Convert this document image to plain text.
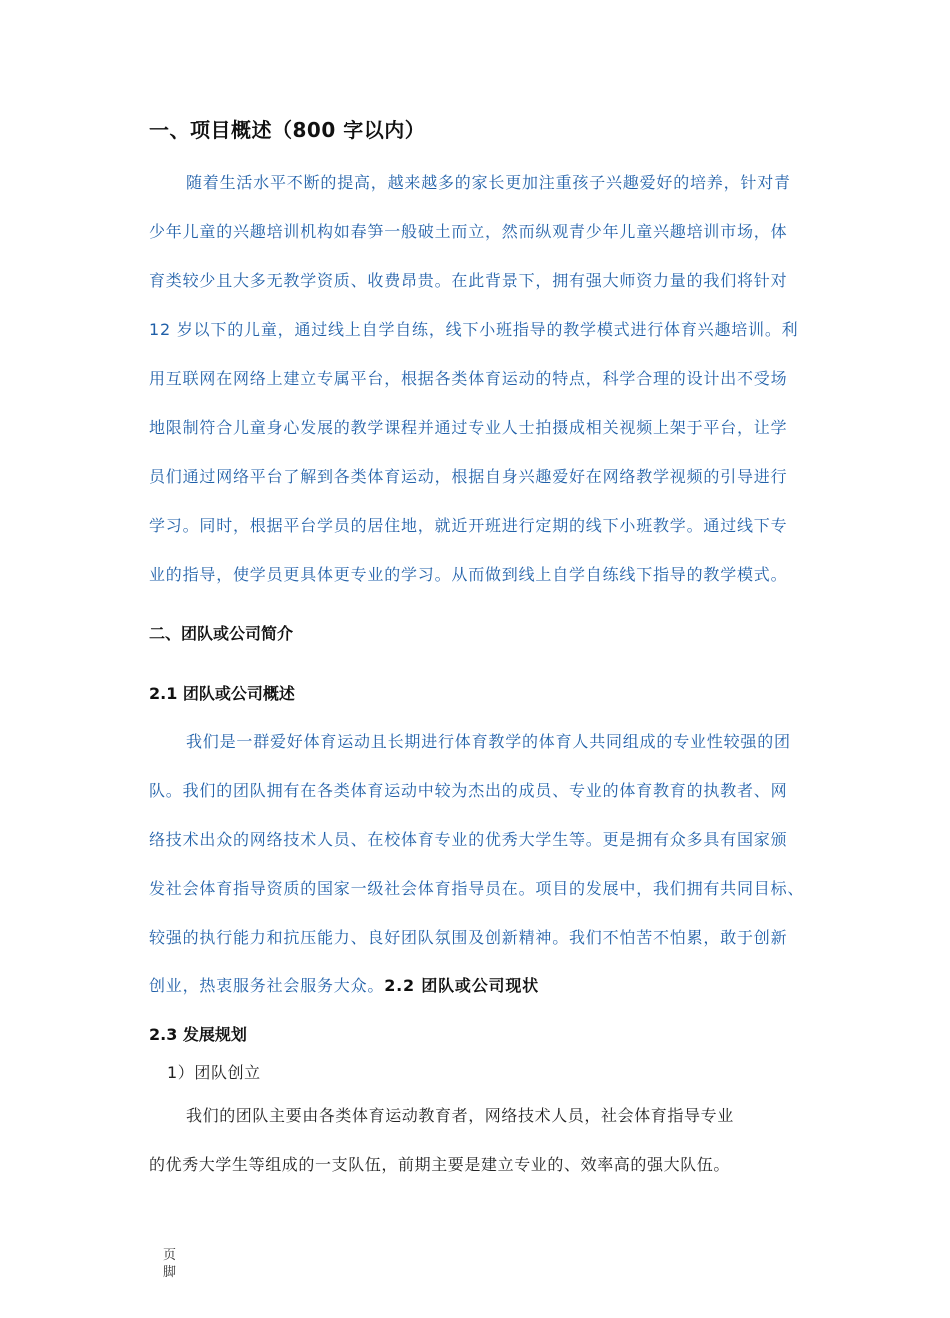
一、项目概述（800 字以内）
随着生活水平不断的提高，越来越多的家长更加注重孩子兴趣爱好的培养，针对青
少年儿童的兴趣培训机构如春笋一般破土而立，然而纵观青少年儿童兴趣培训市场，体
育类较少且大多无教学资质、收费昂贵。在此背景下，拥有强大师资力量的我们将针对
12 岁以下的儿童，通过线上自学自练，线下小班指导的教学模式进行体育兴趣培训。利
用互联网在网络上建立专属平台，根据各类体育运动的特点，科学合理的设计出不受场
地限制符合儿童身心发展的教学课程并通过专业人士拍摄成相关视频上架于平台，让学
员们通过网络平台了解到各类体育运动，根据自身兴趣爱好在网络教学视频的引导进行
学习。同时，根据平台学员的居住地，就近开班进行定期的线下小班教学。通过线下专
业的指导，使学员更具体更专业的学习。从而做到线上自学自练线下指导的教学模式。
二、团队或公司简介
2.1 团队或公司概述
我们是一群爱好体育运动且长期进行体育教学的体育人共同组成的专业性较强的团
队。我们的团队拥有在各类体育运动中较为杰出的成员、专业的体育教育的执教者、网
络技术出众的网络技术人员、在校体育专业的优秀大学生等。更是拥有众多具有国家颁
发社会体育指导资质的国家一级社会体育指导员在。项目的发展中，我们拥有共同目标、
较强的执行能力和抗压能力、良好团队氛围及创新精神。我们不怕苦不怕累，敢于创新
创业，热衷服务社会服务大众。2.2 团队或公司现状
2.3 发展规划
1）团队创立
我们的团队主要由各类体育运动教育者，网络技术人员，社会体育指导专业
的优秀大学生等组成的一支队伍，前期主要是建立专业的、效率高的强大队伍。
页
脚
